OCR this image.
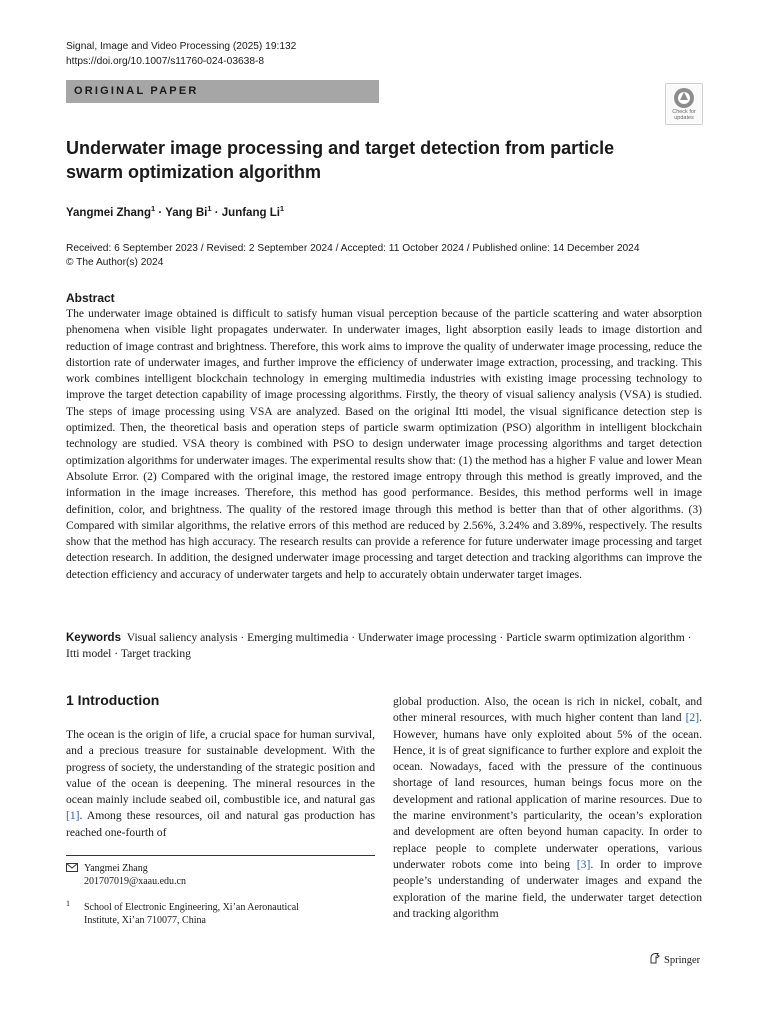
Signal, Image and Video Processing (2025) 19:132
https://doi.org/10.1007/s11760-024-03638-8
ORIGINAL PAPER
Check for
updates
Underwater image processing and target detection from particle swarm optimization algorithm
Yangmei Zhang$^1$ · Yang $Bi^1$ · Junfang Li$^1$
Received: 6 September 2023 / Revised: 2 September 2024 / Accepted: 11 October 2024 / Published online: 14 December 2024
© The Author(s) 2024
Abstract

The underwater image obtained is difficult to satisfy human visual perception because of the particle scattering and water absorption phenomena when visible light propagates underwater. In underwater images, light absorption easily leads to image distortion and reduction of image contrast and brightness. Therefore, this work aims to improve the quality of underwater image processing, reduce the distortion rate of underwater images, and further improve the efficiency of underwater image extraction, processing, and tracking. This work combines intelligent blockchain technology in emerging multimedia industries with existing image processing technology to improve the target detection capability of image processing algorithms. Firstly, the theory of visual saliency analysis (VSA) is studied. The steps of image processing using VSA are analyzed. Based on the original Itti model, the visual significance detection step is optimized. Then, the theoretical basis and operation steps of particle swarm optimization (PSO) algorithm in intelligent blockchain technology are studied. VSA theory is combined with PSO to design underwater image processing algorithms and target detection optimization algorithms for underwater images. The experimental results show that: (1) the method has a higher F value and lower Mean Absolute Error. (2) Compared with the original image, the restored image entropy through this method is greatly improved, and the information in the image increases. Therefore, this method has good performance. Besides, this method performs well in image definition, color, and brightness. The quality of the restored image through this method is better than that of other algorithms. (3) Compared with similar algorithms, the relative errors of this method are reduced by 2.56%, 3.24% and 3.89%, respectively. The results show that the method has high accuracy. The research results can provide a reference for future underwater image processing and target detection research. In addition, the designed underwater image processing and target detection and tracking algorithms can improve the detection efficiency and accuracy of underwater targets and help to accurately obtain underwater target images.

Keywords Visual saliency analysis · Emerging multimedia · Underwater image processing · Particle swarm optimization algorithm · Itti model · Target tracking

1 Introduction

The ocean is the origin of life, a crucial space for human survival, and a precious treasure for sustainable development. With the progress of society, the understanding of the strategic position and value of the ocean is deepening. The mineral resources in the ocean mainly include seabed oil, combustible ice, and natural gas [1]. Among these resources, oil and natural gas production has reached one-fourth of

global production. Also, the ocean is rich in nickel, cobalt, and other mineral resources, with much higher content than land [2]. However, humans have only exploited about 5% of the ocean. Hence, it is of great significance to further explore and exploit the ocean. Nowadays, faced with the pressure of the continuous shortage of land resources, human beings focus more on the development and rational application of marine resources. Due to the marine environment’s particularity, the ocean’s exploration and development are often beyond human capacity. In order to replace people to complete underwater operations, various underwater robots come into being [3]. In order to improve people’s understanding of underwater images and expand the exploration of the marine field, the underwater target detection and tracking algorithm

Yangmei Zhang
201707019@xaau.edu.cn
1 School of Electronic Engineering, Xi’an Aeronautical
Institute, Xi’an 710077, China
Springer
